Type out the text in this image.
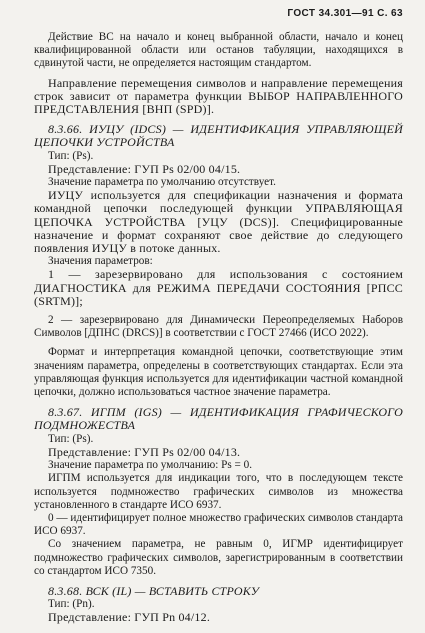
ГОСТ 34.301—91 С. 63

Действие ВС на начало и конец выбранной области, начало и конец квалифицированной области или останов табуляции, находящихся в сдвинутой части, не определяется настоящим стандартом.

Направление перемещения символов и направление перемещения строк зависит от параметра функции ВЫБОР НАПРАВЛЕННОГО ПРЕДСТАВЛЕНИЯ [ВНП (SPD)].

8.3.66. ИУЦУ (IDCS) — ИДЕНТИФИКАЦИЯ УПРАВЛЯЮЩЕЙ ЦЕПОЧКИ УСТРОЙСТВА

Тип: (Ps).

Представление: ГУП Ps 02/00 04/15.

Значение параметра по умолчанию отсутствует.

ИУЦУ используется для спецификации назначения и формата командной цепочки последующей функции УПРАВЛЯЮЩАЯ ЦЕПОЧКА УСТРОЙСТВА [УЦУ (DCS)]. Специфицированные назначение и формат сохраняют свое действие до следующего появления ИУЦУ в потоке данных.

Значения параметров:

1 — зарезервировано для использования с состоянием ДИАГНОСТИКА для РЕЖИМА ПЕРЕДАЧИ СОСТОЯНИЯ [РПСС (SRTM)];

2 — зарезервировано для Динамически Переопределяемых Наборов Символов [ДПНС (DRCS)] в соответствии с ГОСТ 27466 (ИСО 2022).

Формат и интерпретация командной цепочки, соответствующие этим значениям параметра, определены в соответствующих стандартах. Если эта управляющая функция используется для идентификации частной командной цепочки, должно использоваться частное значение параметра.

8.3.67. ИГПМ (IGS) — ИДЕНТИФИКАЦИЯ ГРАФИЧЕСКОГО ПОДМНОЖЕСТВА

Тип: (Ps).

Представление: ГУП Ps 02/00 04/13.

Значение параметра по умолчанию: Ps = 0.

ИГПМ используется для индикации того, что в последующем тексте используется подмножество графических символов из множества установленного в стандарте ИСО 6937.

0 — идентифицирует полное множество графических символов стандарта ИСО 6937.

Со значением параметра, не равным 0, ИГМР идентифицирует подмножество графических символов, зарегистрированным в соответствии со стандартом ИСО 7350.

8.3.68. ВСК (IL) — ВСТАВИТЬ СТРОКУ

Тип: (Pn).

Представление: ГУП Pn 04/12.
